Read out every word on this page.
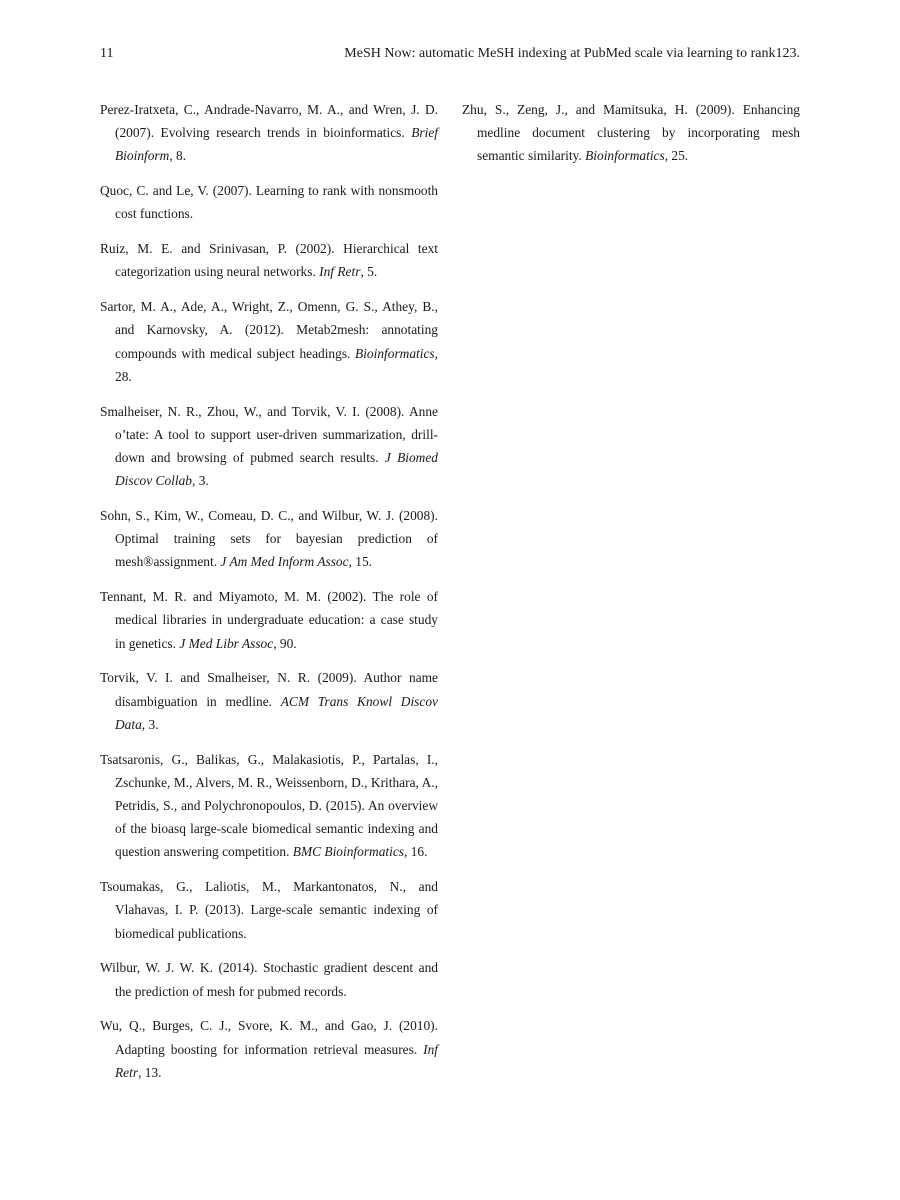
11	MeSH Now: automatic MeSH indexing at PubMed scale via learning to rank123.

Perez-Iratxeta, C., Andrade-Navarro, M. A., and Wren, J. D. (2007). Evolving research trends in bioinformatics. Brief Bioinform, 8.

Quoc, C. and Le, V. (2007). Learning to rank with nonsmooth cost functions.

Ruiz, M. E. and Srinivasan, P. (2002). Hierarchical text categorization using neural networks. Inf Retr, 5.

Sartor, M. A., Ade, A., Wright, Z., Omenn, G. S., Athey, B., and Karnovsky, A. (2012). Metab2mesh: annotating compounds with medical subject headings. Bioinformatics, 28.

Smalheiser, N. R., Zhou, W., and Torvik, V. I. (2008). Anne o’tate: A tool to support user-driven summarization, drill-down and browsing of pubmed search results. J Biomed Discov Collab, 3.

Sohn, S., Kim, W., Comeau, D. C., and Wilbur, W. J. (2008). Optimal training sets for bayesian prediction of mesh®assignment. J Am Med Inform Assoc, 15.

Tennant, M. R. and Miyamoto, M. M. (2002). The role of medical libraries in undergraduate education: a case study in genetics. J Med Libr Assoc, 90.

Torvik, V. I. and Smalheiser, N. R. (2009). Author name disambiguation in medline. ACM Trans Knowl Discov Data, 3.

Tsatsaronis, G., Balikas, G., Malakasiotis, P., Partalas, I., Zschunke, M., Alvers, M. R., Weissenborn, D., Krithara, A., Petridis, S., and Polychronopoulos, D. (2015). An overview of the bioasq large-scale biomedical semantic indexing and question answering competition. BMC Bioinformatics, 16.

Tsoumakas, G., Laliotis, M., Markantonatos, N., and Vlahavas, I. P. (2013). Large-scale semantic indexing of biomedical publications.

Wilbur, W. J. W. K. (2014). Stochastic gradient descent and the prediction of mesh for pubmed records.

Wu, Q., Burges, C. J., Svore, K. M., and Gao, J. (2010). Adapting boosting for information retrieval measures. Inf Retr, 13.

Zhu, S., Zeng, J., and Mamitsuka, H. (2009). Enhancing medline document clustering by incorporating mesh semantic similarity. Bioinformatics, 25.
